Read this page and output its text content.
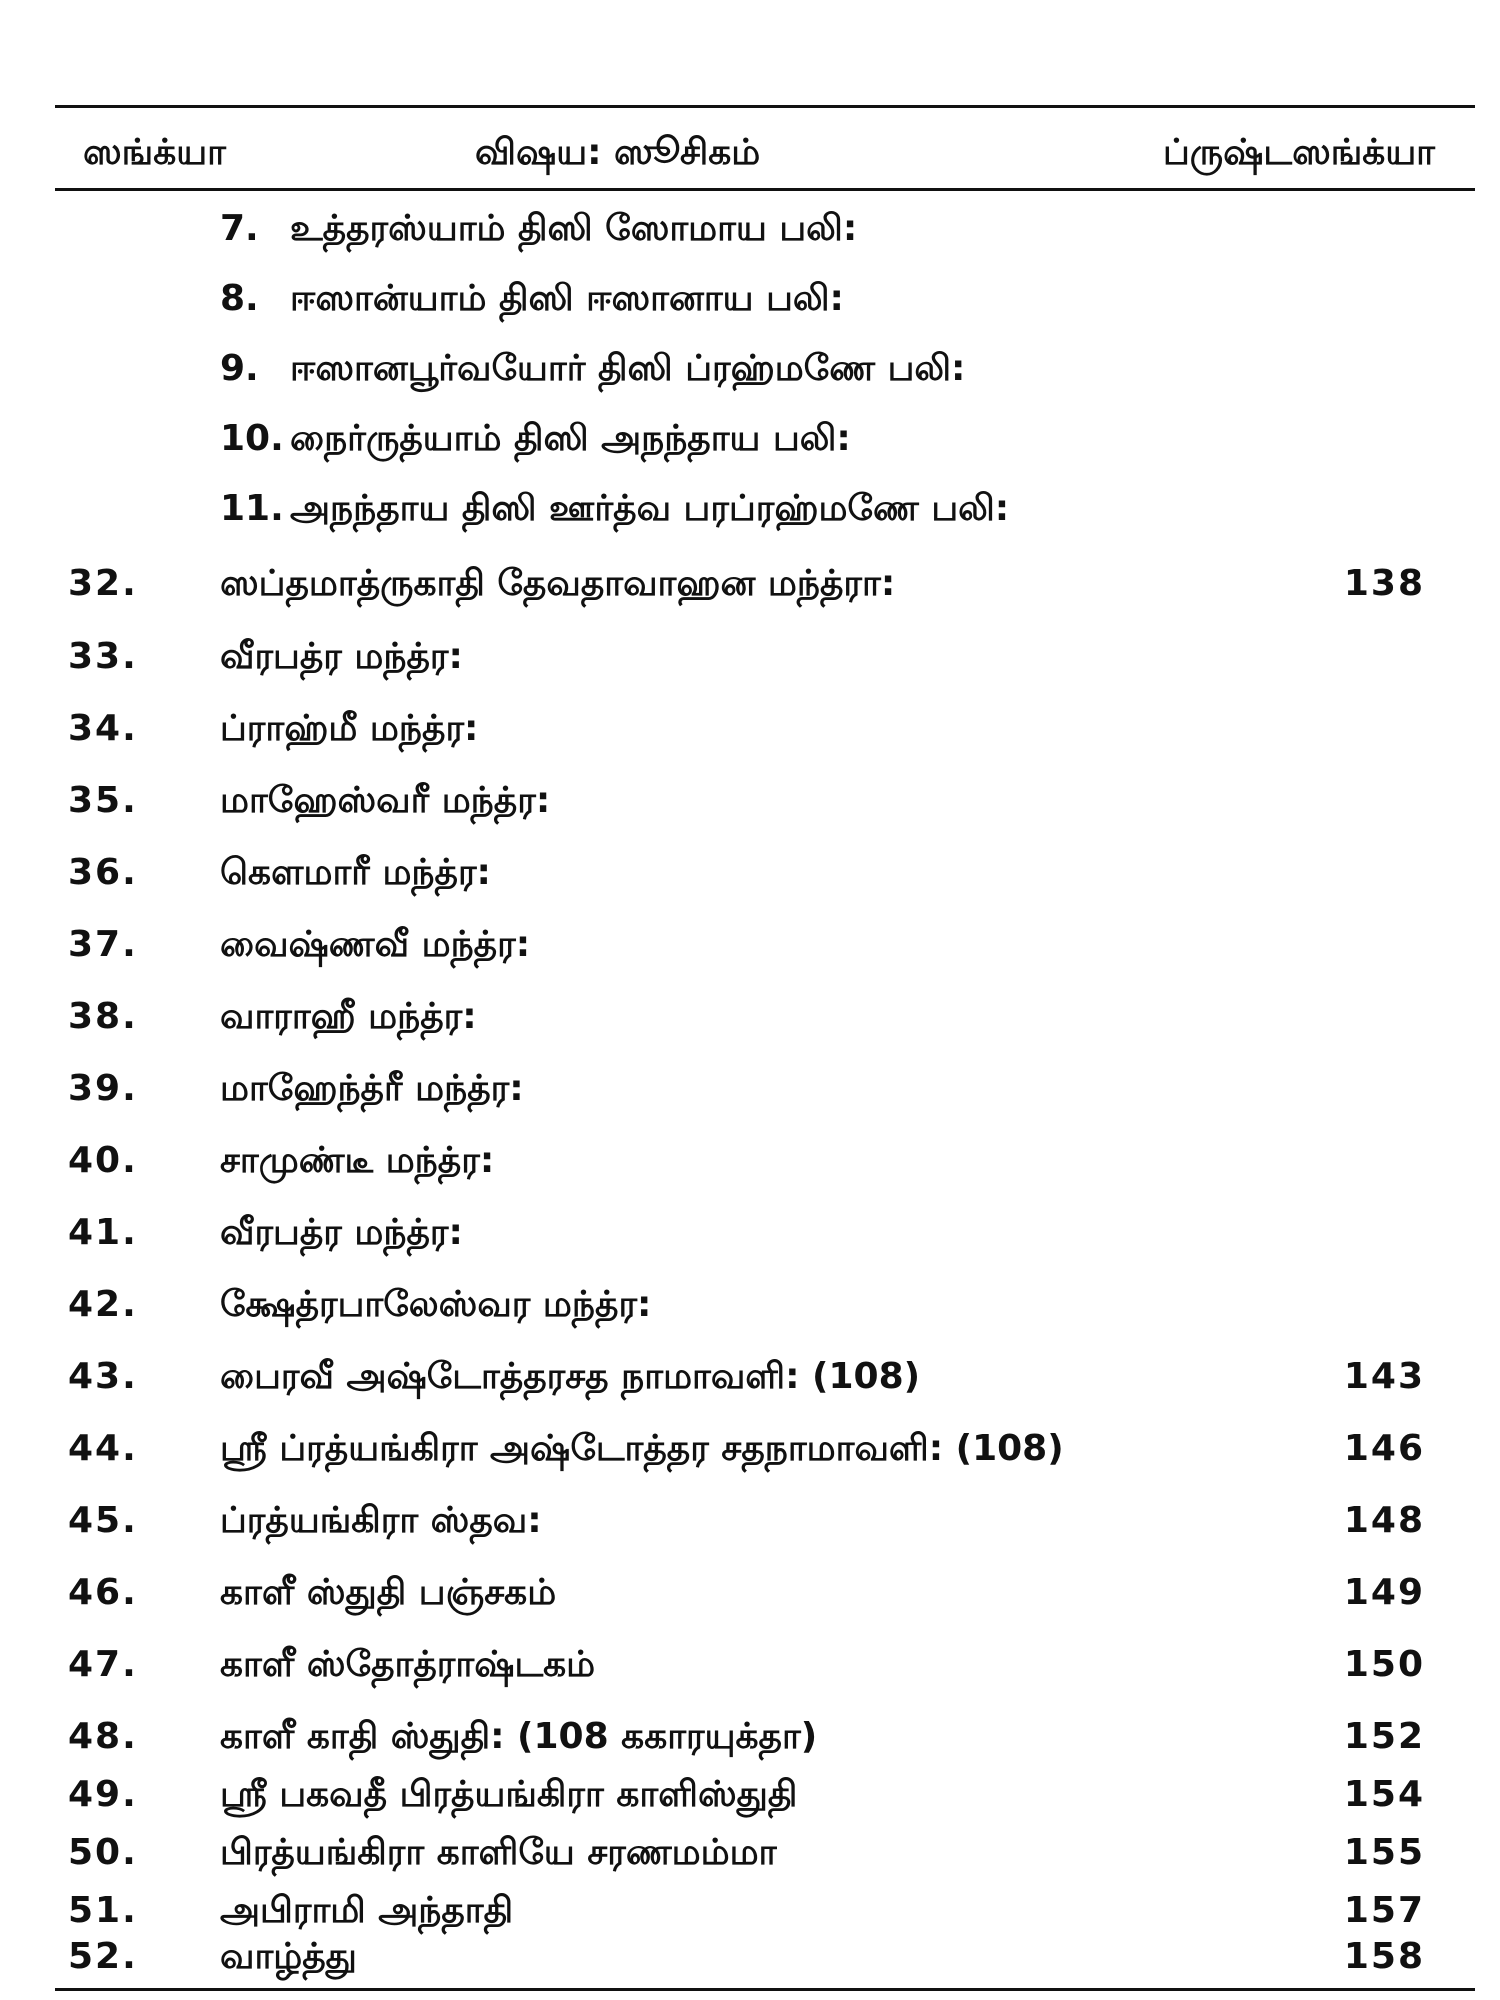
ஸங்க்யா	விஷய: ஸூசிகம்	ப்ருஷ்டஸங்க்யா
7. உத்தரஸ்யாம் திஸி ஸோமாய பலி:
8. ஈஸான்யாம் திஸி ஈஸானாய பலி:
9. ஈஸானபூர்வயோர் திஸி ப்ரஹ்மணே பலி:
10. நைர்ருத்யாம் திஸி அநந்தாய பலி:
11. அநந்தாய திஸி ஊர்த்வ பரப்ரஹ்மணே பலி:
32. ஸப்தமாத்ருகாதி தேவதாவாஹன மந்த்ரா:	138
33. வீரபத்ர மந்த்ர:
34. ப்ராஹ்மீ மந்த்ர:
35. மாஹேஸ்வரீ மந்த்ர:
36. கௌமாரீ மந்த்ர:
37. வைஷ்ணவீ மந்த்ர:
38. வாராஹீ மந்த்ர:
39. மாஹேந்த்ரீ மந்த்ர:
40. சாமுண்டீ மந்த்ர:
41. வீரபத்ர மந்த்ர:
42. க்ஷேத்ரபாலேஸ்வர மந்த்ர:
43. பைரவீ அஷ்டோத்தரசத நாமாவளி: (108)	143
44. ஸ்ரீ ப்ரத்யங்கிரா அஷ்டோத்தர சதநாமாவளி: (108)	146
45. ப்ரத்யங்கிரா ஸ்தவ:	148
46. காளீ ஸ்துதி பஞ்சகம்	149
47. காளீ ஸ்தோத்ராஷ்டகம்	150
48. காளீ காதி ஸ்துதி: (108 ககாரயுக்தா)	152
49. ஸ்ரீ பகவதீ பிரத்யங்கிரா காளிஸ்துதி	154
50. பிரத்யங்கிரா காளியே சரணமம்மா	155
51. அபிராமி அந்தாதி	157
52. வாழ்த்து	158
